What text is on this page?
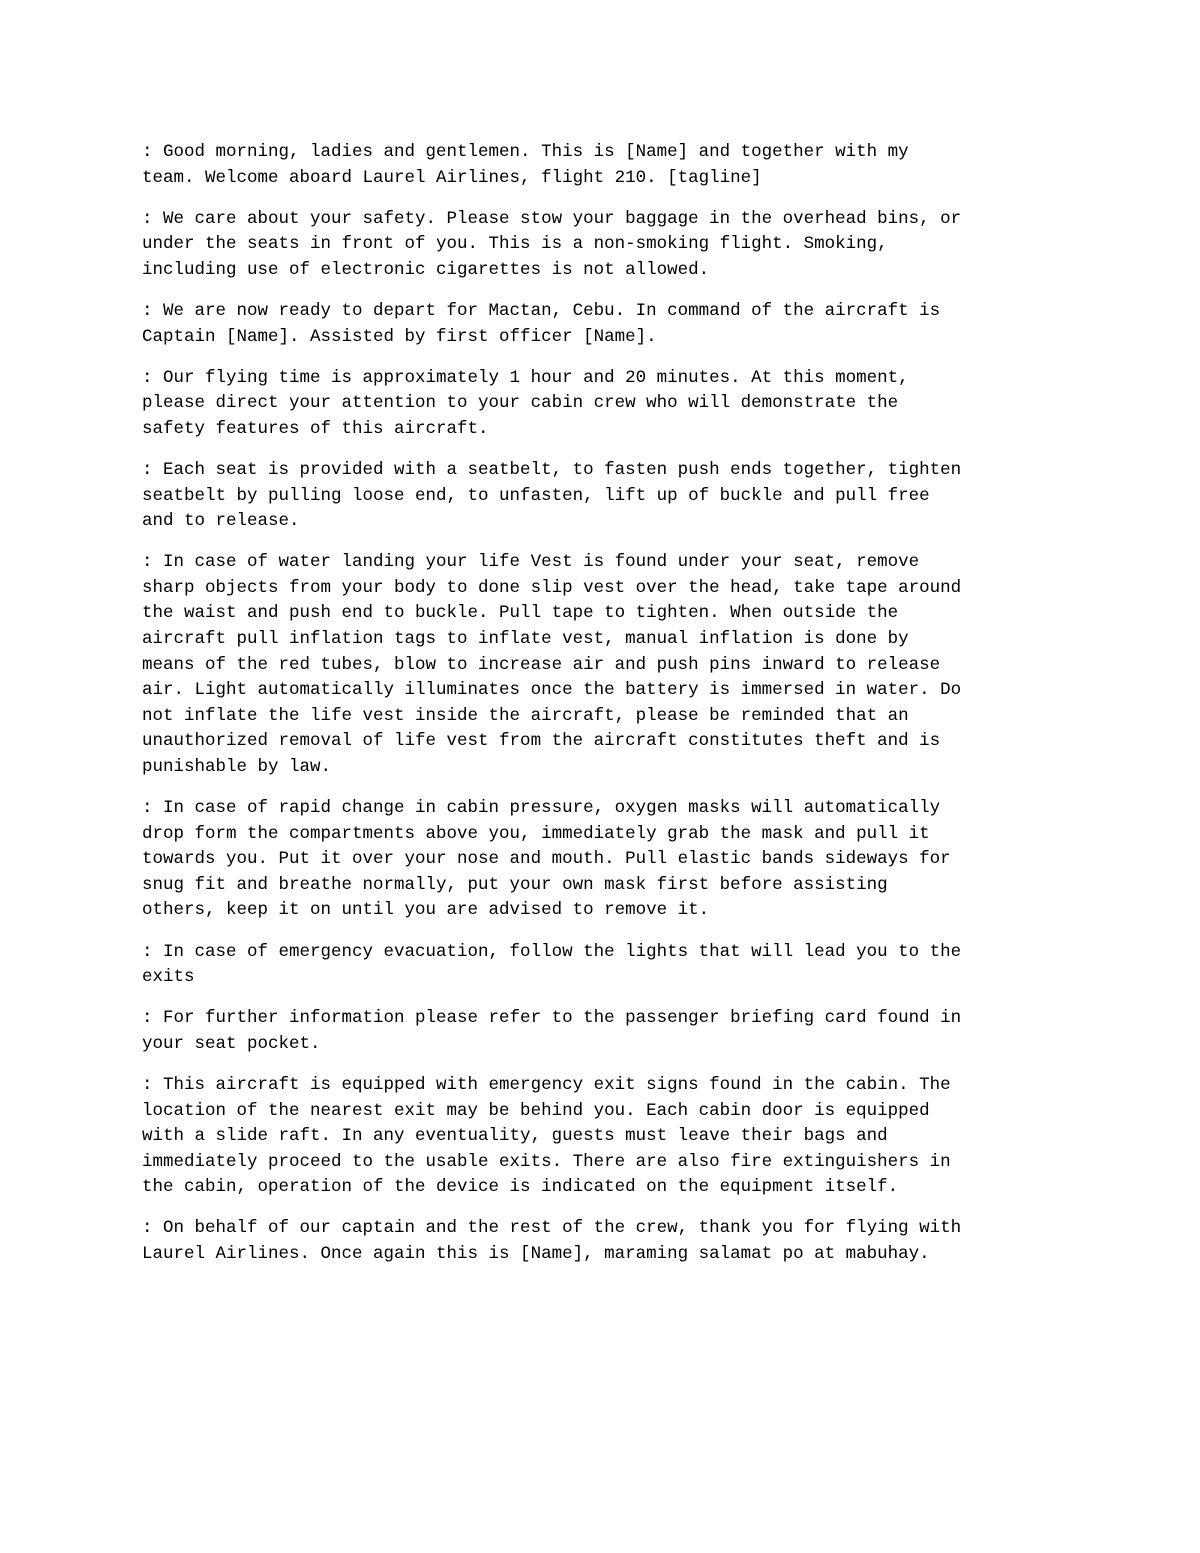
: Good morning, ladies and gentlemen. This is [Name] and together with my
team. Welcome aboard Laurel Airlines, flight 210. [tagline]

: We care about your safety. Please stow your baggage in the overhead bins, or
under the seats in front of you. This is a non-smoking flight. Smoking,
including use of electronic cigarettes is not allowed.

: We are now ready to depart for Mactan, Cebu. In command of the aircraft is
Captain [Name]. Assisted by first officer [Name].

: Our flying time is approximately 1 hour and 20 minutes. At this moment,
please direct your attention to your cabin crew who will demonstrate the
safety features of this aircraft.

: Each seat is provided with a seatbelt, to fasten push ends together, tighten
seatbelt by pulling loose end, to unfasten, lift up of buckle and pull free
and to release.

: In case of water landing your life Vest is found under your seat, remove
sharp objects from your body to done slip vest over the head, take tape around
the waist and push end to buckle. Pull tape to tighten. When outside the
aircraft pull inflation tags to inflate vest, manual inflation is done by
means of the red tubes, blow to increase air and push pins inward to release
air. Light automatically illuminates once the battery is immersed in water. Do
not inflate the life vest inside the aircraft, please be reminded that an
unauthorized removal of life vest from the aircraft constitutes theft and is
punishable by law.

: In case of rapid change in cabin pressure, oxygen masks will automatically
drop form the compartments above you, immediately grab the mask and pull it
towards you. Put it over your nose and mouth. Pull elastic bands sideways for
snug fit and breathe normally, put your own mask first before assisting
others, keep it on until you are advised to remove it.

: In case of emergency evacuation, follow the lights that will lead you to the
exits

: For further information please refer to the passenger briefing card found in
your seat pocket.

: This aircraft is equipped with emergency exit signs found in the cabin. The
location of the nearest exit may be behind you. Each cabin door is equipped
with a slide raft. In any eventuality, guests must leave their bags and
immediately proceed to the usable exits. There are also fire extinguishers in
the cabin, operation of the device is indicated on the equipment itself.

: On behalf of our captain and the rest of the crew, thank you for flying with
Laurel Airlines. Once again this is [Name], maraming salamat po at mabuhay.
